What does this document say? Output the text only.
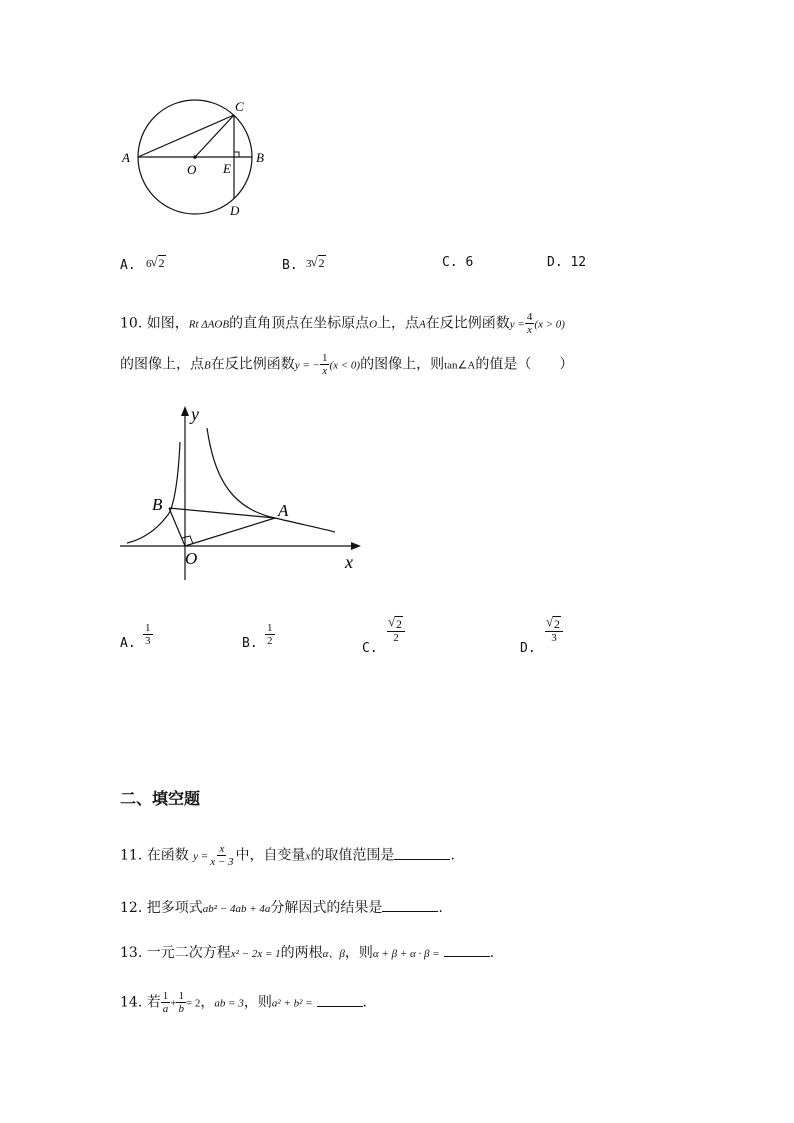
A	B
C
D
E
O
A. 6 √ 2	B. 3 √ 2	C. 6	D. 12
10. 如图，Rt ΔAOB的直角顶点在坐标原点O上，点A在反比例函数$y = \frac{4}{x} (x > 0)$
的图像上，点B在反比例函数y = − $\frac{1}{x} (x < 0)$的图像上，则tan∠A的值是（　　）
y
x
O
A
B
A. $\frac{1}{3}$	B. $\frac{1}{2}$
C.
$\frac{√ 2}{2}$
D.
$\frac{√ 2}{3}$
二、填空题
11. 在函数 $y = \frac{x}{x - 3}$ 中，自变量x的取值范围是	.
12. 把多项式ab² − 4ab + 4a分解因式的结果是	.
13. 一元二次方程x² − 2x = 1的两根α、β，则α + β + α · β =	.
14. 若 $\frac{1}{a} + \frac{1}{b} = 2$，ab = 3，则a² + b² =	.
